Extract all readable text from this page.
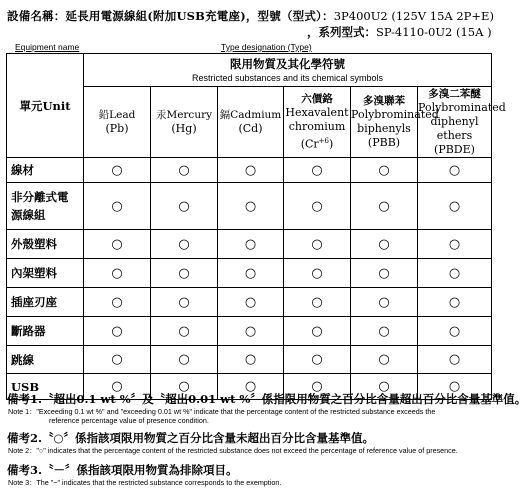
設備名稱：延長用電源線組(附加USB充電座)，型號（型式）：3P400U2 (125V 15A 2P+E)
，系列型式：SP-4110-0U2 (15A )
Equipment name	Type designation (Type)
單元Unit	限用物質及其化學符號
Restricted substances and its chemical symbols					

	鉛Lead
(Pb)	汞Mercury
(Hg)	鎘Cadmium
(Cd)	六價鉻
Hexavalent
chromium
$(Cr^{+6})$	多溴聯苯
Polybrominated
biphenyls
(PBB)	多溴二苯醚
Polybrominated
diphenyl ethers
(PBDE)

線材	○	○	○	○	○	○
非分離式電
源線組	○	○	○	○	○	○
外殼塑料	○	○	○	○	○	○
內架塑料	○	○	○	○	○	○
插座刃座	○	○	○	○	○	○
斷路器	○	○	○	○	○	○
跳線	○	○	○	○	○	○
USB	○	○	○	○	○	○
備考1.〝超出0.1 wt %〞及〝超出0.01 wt %〞係指限用物質之百分比含量超出百分比含量基準值。
Note 1："Exceeding 0.1 wt %" and "exceeding 0.01 wt %" indicate that the percentage content of the restricted substance exceeds the
reference percentage value of presence condition.
備考2.〝○〞係指該項限用物質之百分比含量未超出百分比含量基準值。
Note 2："○" indicates that the percentage content of the restricted substance does not exceed the percentage of reference value of presence.
備考3.〝－〞係指該項限用物質為排除項目。
Note 3：The "−" indicates that the restricted substance corresponds to the exemption.
